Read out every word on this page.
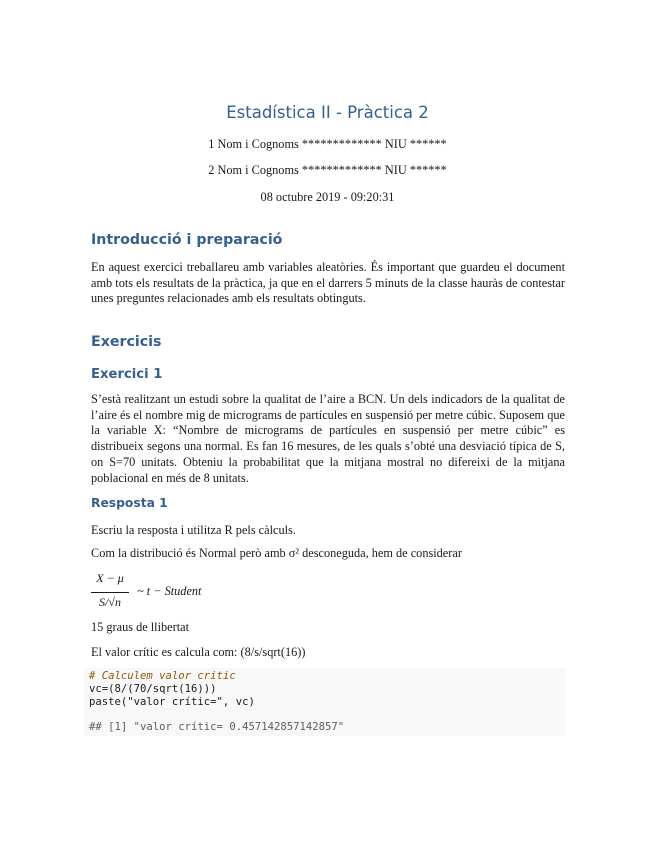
Estadística II - Pràctica 2
1 Nom i Cognoms ************* NIU ******
2 Nom i Cognoms ************* NIU ******
08 octubre 2019 - 09:20:31
Introducció i preparació

En aquest exercici treballareu amb variables aleatòries. És important que guardeu el document amb tots els resultats de la pràctica, ja que en el darrers 5 minuts de la classe hauràs de contestar unes preguntes relacionades amb els resultats obtinguts.

Exercicis
Exercici 1

S’està realitzant un estudi sobre la qualitat de l’aire a BCN. Un dels indicadors de la qualitat de l’aire és el nombre mig de micrograms de partícules en suspensió per metre cúbic. Suposem que la variable X: “Nombre de micrograms de partícules en suspensió per metre cúbic” es distribueix segons una normal. Es fan 16 mesures, de les quals s’obté una desviació típica de S, on S=70 unitats. Obteniu la probabilitat que la mitjana mostral no difereixi de la mitjana poblacional en més de 8 unitats.

Resposta 1

Escriu la resposta i utilitza R pels càlculs.

Com la distribució és Normal però amb σ² desconeguda, hem de considerar

X − μ
S/√n
~ t − Student

15 graus de llibertat

El valor crític es calcula com: (8/s/sqrt(16))

# Calculem valor critic
vc=(8/(70/sqrt(16)))
paste("valor crític=", vc)
## [1] "valor crític= 0.457142857142857"
